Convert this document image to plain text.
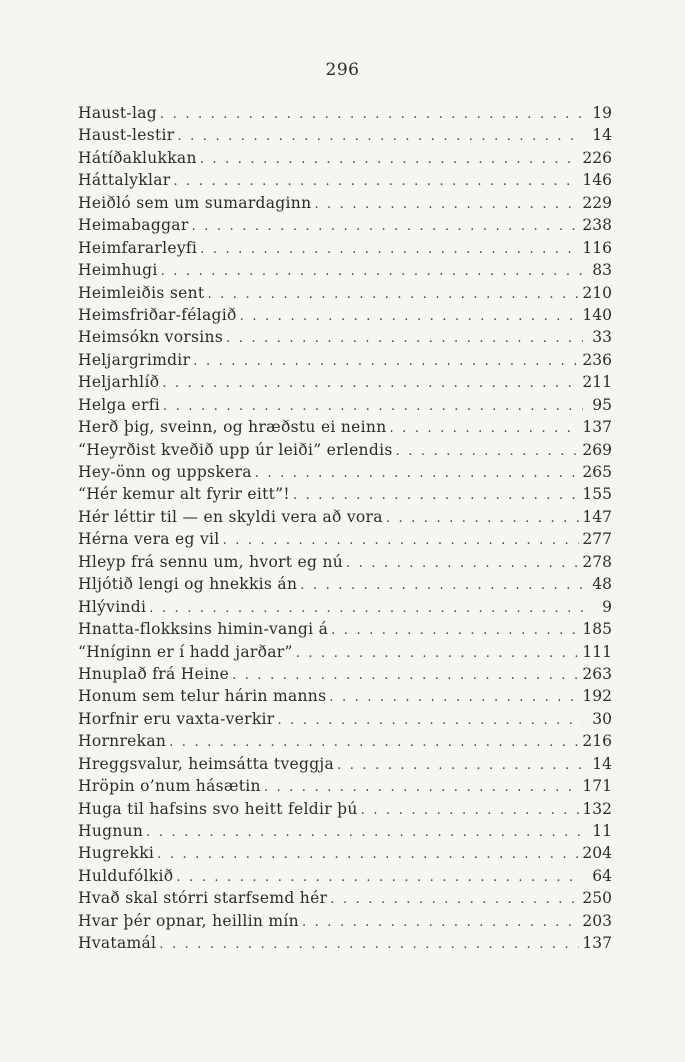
296
Haust-lag . . .	19
Haust-lestir . . .	14
Hátíðaklukkan . . .	226
Háttalyklar . . .	146
Heiðló sem um sumardaginn . . .	229
Heimabaggar . . .	238
Heimfararleyfi . . .	116
Heimhugi . . .	83
Heimleiðis sent . . .	210
Heimsfriðar-félagið . . .	140
Heimsókn vorsins . . .	33
Heljargrimdir . . .	236
Heljarhlíð . . .	211
Helga erfi . . .	95
Herð þig, sveinn, og hræðstu ei neinn . . .	137
“Heyrðist kveðið upp úr leiði” erlendis . . .	269
Hey-önn og uppskera . . .	265
“Hér kemur alt fyrir eitt”! . . .	155
Hér léttir til — en skyldi vera að vora . . .	147
Hérna vera eg vil . . .	277
Hleyp frá sennu um, hvort eg nú . . .	278
Hljótið lengi og hnekkis án . . .	48
Hlývindi . . .	9
Hnatta-flokksins himin-vangi á . . .	185
“Hníginn er í hadd jarðar” . . .	111
Hnuplað frá Heine . . .	263
Honum sem telur hárin manns . . .	192
Horfnir eru vaxta-verkir . . .	30
Hornrekan . . .	216
Hreggsvalur, heimsátta tveggja . . .	14
Hröpin o’num hásætin . . .	171
Huga til hafsins svo heitt feldir þú . . .	132
Hugnun . . .	11
Hugrekki . . .	204
Huldufólkið . . .	64
Hvað skal stórri starfsemd hér . . .	250
Hvar þér opnar, heillin mín . . .	203
Hvatamál . . .	137
